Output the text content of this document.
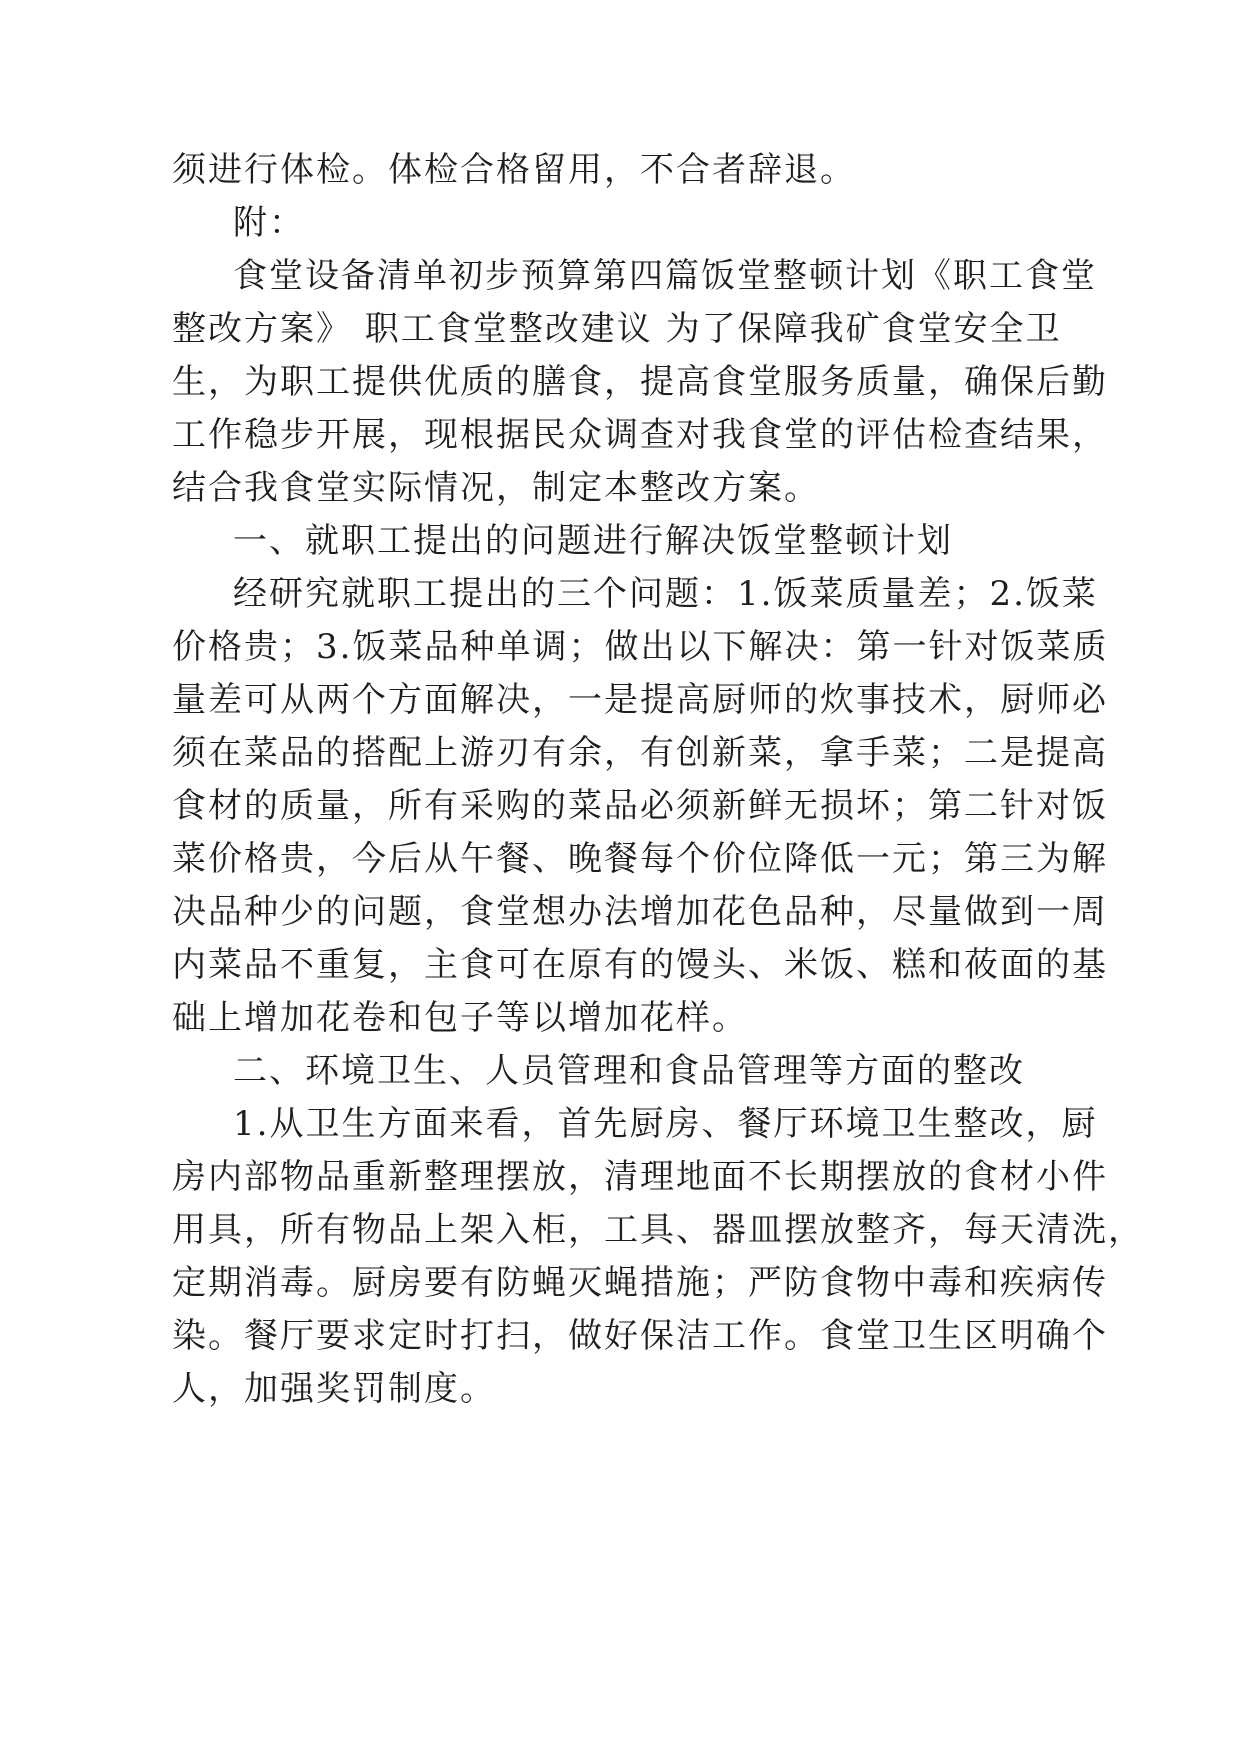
须进行体检。体检合格留用，不合者辞退。
附：
食堂设备清单初步预算第四篇饭堂整顿计划《职工食堂
整改方案》 职工食堂整改建议 为了保障我矿食堂安全卫
生，为职工提供优质的膳食，提高食堂服务质量，确保后勤
工作稳步开展，现根据民众调查对我食堂的评估检查结果，
结合我食堂实际情况，制定本整改方案。
一、就职工提出的问题进行解决饭堂整顿计划
经研究就职工提出的三个问题：1.饭菜质量差；2.饭菜
价格贵；3.饭菜品种单调；做出以下解决：第一针对饭菜质
量差可从两个方面解决，一是提高厨师的炊事技术，厨师必
须在菜品的搭配上游刃有余，有创新菜，拿手菜；二是提高
食材的质量，所有采购的菜品必须新鲜无损坏；第二针对饭
菜价格贵，今后从午餐、晚餐每个价位降低一元；第三为解
决品种少的问题，食堂想办法增加花色品种，尽量做到一周
内菜品不重复，主食可在原有的馒头、米饭、糕和莜面的基
础上增加花卷和包子等以增加花样。
二、环境卫生、人员管理和食品管理等方面的整改
1.从卫生方面来看，首先厨房、餐厅环境卫生整改，厨
房内部物品重新整理摆放，清理地面不长期摆放的食材小件
用具，所有物品上架入柜，工具、器皿摆放整齐，每天清洗，
定期消毒。厨房要有防蝇灭蝇措施；严防食物中毒和疾病传
染。餐厅要求定时打扫，做好保洁工作。食堂卫生区明确个
人，加强奖罚制度。
